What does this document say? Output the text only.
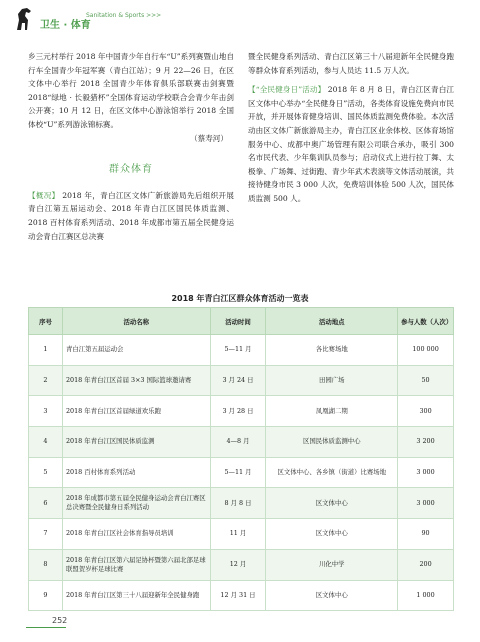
卫生 · 体育
Sanitation & Sports >>>

乡三元村举行 2018 年中国青少年自行车“U”系列赛暨山地自行车全国青少年冠军赛（青白江站）；9 月 22—26 日，在区文体中心举行 2018 全国青少年体育俱乐部联赛击剑赛暨 2018“绿地 · 长毅猎杯”全国体育运动学校联合会青少年击剑公开赛；10 月 12 日，在区文体中心游泳馆举行 2018 全国体校“U”系列游泳锦标赛。

（蔡寿河）

群众体育

【概况】 2018 年，青白江区文体广新旅游局先后组织开展青白江第五届运动会、2018 年青白江区国民体质监测、2018 百村体育系列活动、2018 年成都市第五届全民健身运动会青白江赛区总决赛

暨全民健身系列活动、青白江区第三十八届迎新年全民健身跑等群众体育系列活动，参与人员达 11.5 万人次。

【“全民健身日”活动】 2018 年 8 月 8 日，青白江区青白江区文体中心举办“全民健身日”活动，各类体育设施免费向市民开放，并开展体育健身培训、国民体质监测免费体验。本次活动由区文体广新旅游局主办，青白江区业余体校、区体育场馆服务中心、成都中奥广场管理有限公司联合承办，吸引 300 名市民代表、少年集训队员参与；启动仪式上进行拉丁舞、太极拳、广场舞、过街跑、青少年武术表演等文体活动展演，共接待健身市民 3 000 人次，免费培训体验 500 人次，国民体质监测 500 人。

2018 年青白江区群众体育活动一览表
序号	活动名称	活动时间	活动地点	参与人数（人次）
1	青白江第五届运动会	5—11 月	各比赛场地	100 000
2	2018 年青白江区首届 3×3 国际篮球邀请赛	3 月 24 日	田园广场	50
3	2018 年青白江区首届绿道欢乐跑	3 月 28 日	凤凰湖二期	300
4	2018 年青白江区国民体质监测	4—8 月	区国民体质监测中心	3 200
5	2018 百村体育系列活动	5—11 月	区文体中心、各乡镇（街道）比赛场地	3 000
6	2018 年成都市第五届全民健身运动会青白江赛区总决赛暨全民健身日系列活动	8 月 8 日	区文体中心	3 000
7	2018 年青白江区社会体育指导员培训	11 月	区文体中心	90
8	2018 年青白江区第六届足协杯暨第六届北部足球联盟贺岁杯足球比赛	12 月	川化中学	200
9	2018 年青白江区第三十八届迎新年全民健身跑	12 月 31 日	区文体中心	1 000
252
